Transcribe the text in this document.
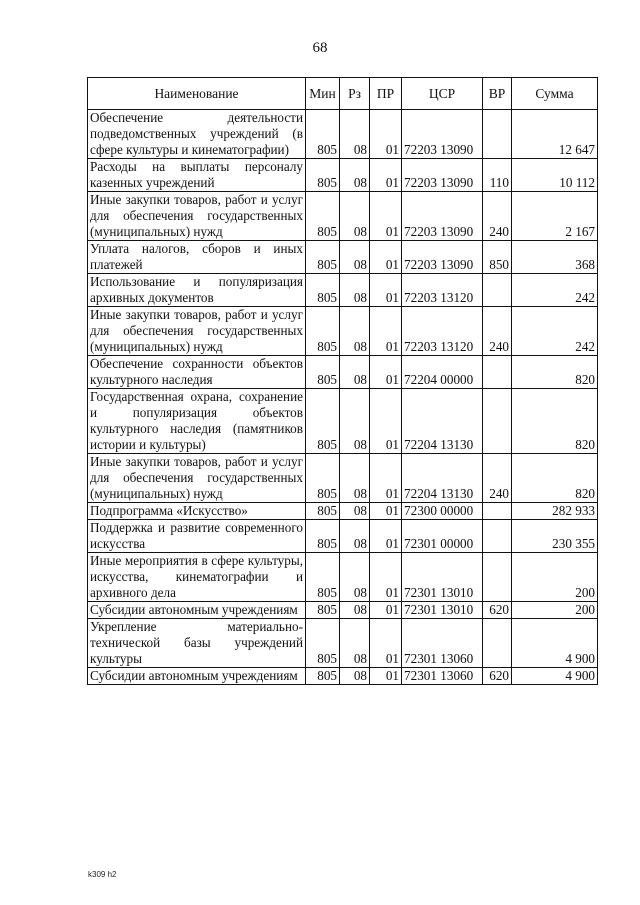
68
Наименование	Мин	Рз	ПР	ЦСР	ВР	Сумма
Обеспечение деятельности подведомственных учреждений (в сфере культуры и кинематографии)	805	08	01	72203 13090		12 647
Расходы на выплаты персоналу казенных учреждений	805	08	01	72203 13090	110	10 112
Иные закупки товаров, работ и услуг для обеспечения государственных (муниципальных) нужд	805	08	01	72203 13090	240	2 167
Уплата налогов, сборов и иных платежей	805	08	01	72203 13090	850	368
Использование и популяризация архивных документов	805	08	01	72203 13120		242
Иные закупки товаров, работ и услуг для обеспечения государственных (муниципальных) нужд	805	08	01	72203 13120	240	242
Обеспечение сохранности объектов культурного наследия	805	08	01	72204 00000		820
Государственная охрана, сохранение и популяризация объектов культурного наследия (памятников истории и культуры)	805	08	01	72204 13130		820
Иные закупки товаров, работ и услуг для обеспечения государственных (муниципальных) нужд	805	08	01	72204 13130	240	820
Подпрограмма «Искусство»	805	08	01	72300 00000		282 933
Поддержка и развитие современного искусства	805	08	01	72301 00000		230 355
Иные мероприятия в сфере культуры, искусства, кинематографии и архивного дела	805	08	01	72301 13010		200
Субсидии автономным учреждениям	805	08	01	72301 13010	620	200
Укрепление материально-технической базы учреждений культуры	805	08	01	72301 13060		4 900
Субсидии автономным учреждениям	805	08	01	72301 13060	620	4 900
k309 h2
